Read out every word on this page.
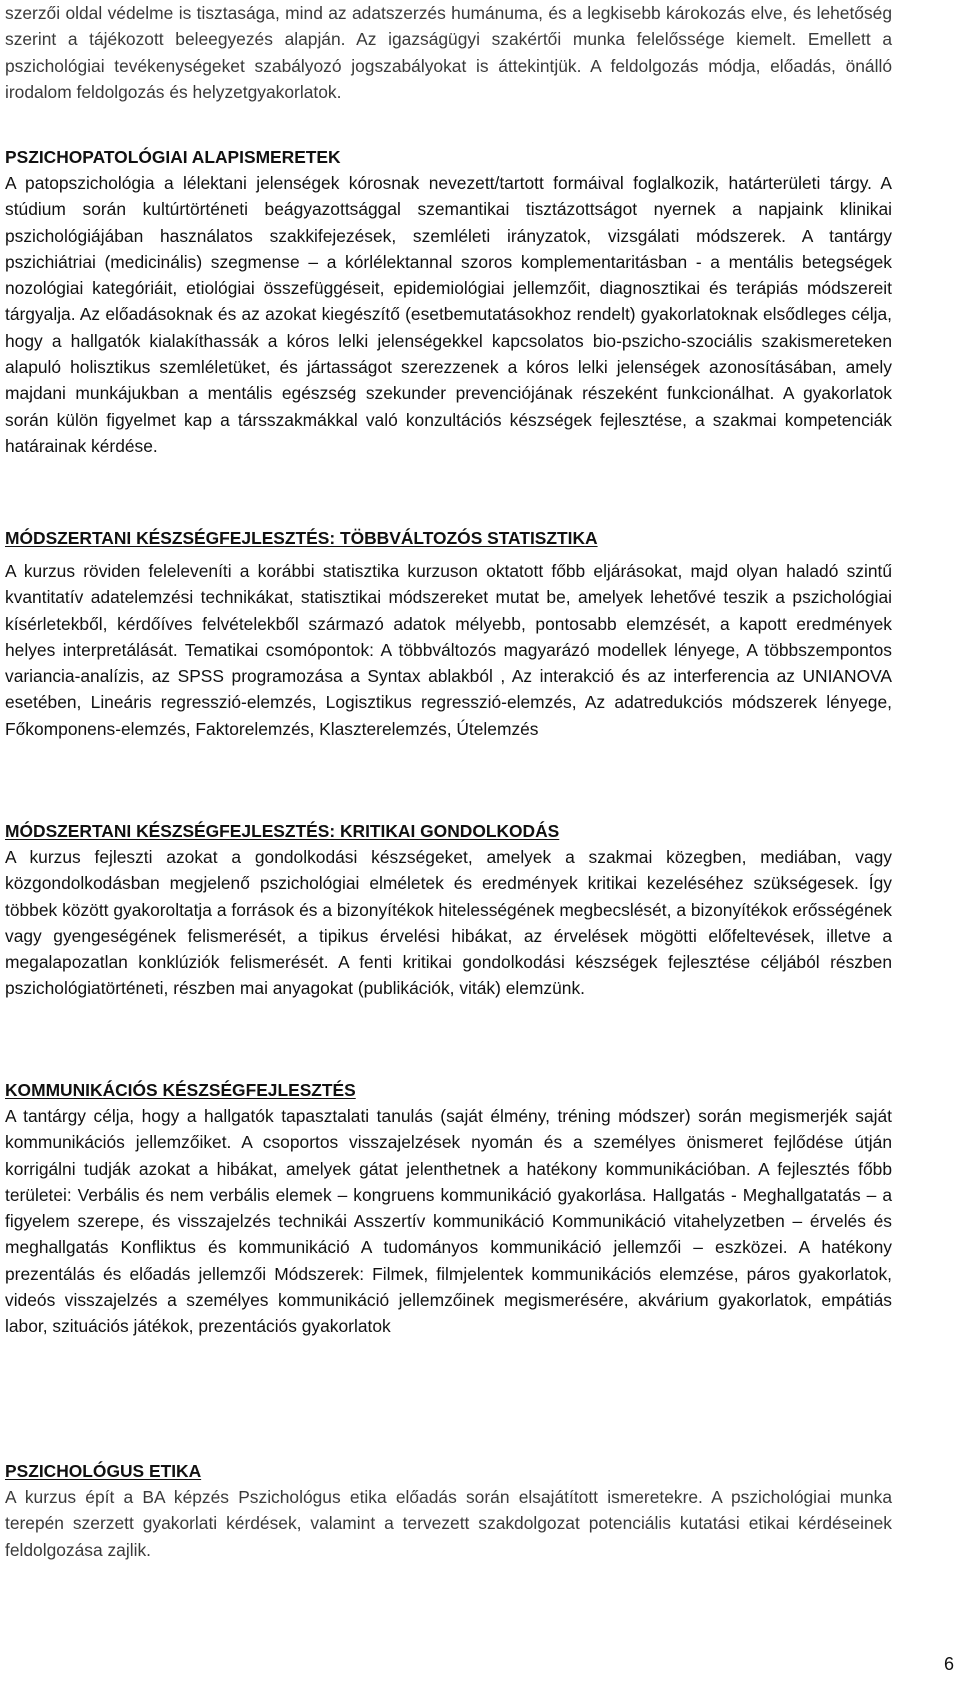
szerzői oldal védelme is tisztasága, mind az adatszerzés humánuma, és a legkisebb károkozás elve, és lehetőség szerint a tájékozott beleegyezés alapján. Az igazságügyi szakértői munka felelőssége kiemelt. Emellett a pszichológiai tevékenységeket szabályozó jogszabályokat is áttekintjük. A feldolgozás módja, előadás, önálló irodalom feldolgozás és helyzetgyakorlatok.

PSZICHOPATOLÓGIAI ALAPISMERETEK

A patopszichológia a lélektani jelenségek kórosnak nevezett/tartott formáival foglalkozik, határterületi tárgy. A stúdium során kultúrtörténeti beágyazottsággal szemantikai tisztázottságot nyernek a napjaink klinikai pszichológiájában használatos szakkifejezések, szemléleti irányzatok, vizsgálati módszerek. A tantárgy pszichiátriai (medicinális) szegmense – a kórlélektannal szoros komplementaritásban - a mentális betegségek nozológiai kategóriáit, etiológiai összefüggéseit, epidemiológiai jellemzőit, diagnosztikai és terápiás módszereit tárgyalja. Az előadásoknak és az azokat kiegészítő (esetbemutatásokhoz rendelt) gyakorlatoknak elsődleges célja, hogy a hallgatók kialakíthassák a kóros lelki jelenségekkel kapcsolatos bio-pszicho-szociális szakismereteken alapuló holisztikus szemléletüket, és jártasságot szerezzenek a kóros lelki jelenségek azonosításában, amely majdani munkájukban a mentális egészség szekunder prevenciójának részeként funkcionálhat. A gyakorlatok során külön figyelmet kap a társszakmákkal való konzultációs készségek fejlesztése, a szakmai kompetenciák határainak kérdése.

MÓDSZERTANI KÉSZSÉGFEJLESZTÉS: TÖBBVÁLTOZÓS STATISZTIKA

A kurzus röviden feleleveníti a korábbi statisztika kurzuson oktatott főbb eljárásokat, majd olyan haladó szintű kvantitatív adatelemzési technikákat, statisztikai módszereket mutat be, amelyek lehetővé teszik a pszichológiai kísérletekből, kérdőíves felvételekből származó adatok mélyebb, pontosabb elemzését, a kapott eredmények helyes interpretálását. Tematikai csomópontok: A többváltozós magyarázó modellek lényege, A többszempontos variancia-analízis, az SPSS programozása a Syntax ablakból , Az interakció és az interferencia az UNIANOVA esetében, Lineáris regresszió-elemzés, Logisztikus regresszió-elemzés, Az adatredukciós módszerek lényege, Főkomponens-elemzés, Faktorelemzés, Klaszterelemzés, Útelemzés

MÓDSZERTANI KÉSZSÉGFEJLESZTÉS: KRITIKAI GONDOLKODÁS

A kurzus fejleszti azokat a gondolkodási készségeket, amelyek a szakmai közegben, mediában, vagy közgondolkodásban megjelenő pszichológiai elméletek és eredmények kritikai kezeléséhez szükségesek. Így többek között gyakoroltatja a források és a bizonyítékok hitelességének megbecslését, a bizonyítékok erősségének vagy gyengeségének felismerését, a tipikus érvelési hibákat, az érvelések mögötti előfeltevések, illetve a megalapozatlan konklúziók felismerését. A fenti kritikai gondolkodási készségek fejlesztése céljából részben pszichológiatörténeti, részben mai anyagokat (publikációk, viták) elemzünk.

KOMMUNIKÁCIÓS KÉSZSÉGFEJLESZTÉS

A tantárgy célja, hogy a hallgatók tapasztalati tanulás (saját élmény, tréning módszer) során megismerjék saját kommunikációs jellemzőiket. A csoportos visszajelzések nyomán és a személyes önismeret fejlődése útján korrigálni tudják azokat a hibákat, amelyek gátat jelenthetnek a hatékony kommunikációban. A fejlesztés főbb területei: Verbális és nem verbális elemek – kongruens kommunikáció gyakorlása. Hallgatás - Meghallgatatás – a figyelem szerepe, és visszajelzés technikái Asszertív kommunikáció Kommunikáció vitahelyzetben – érvelés és meghallgatás Konfliktus és kommunikáció A tudományos kommunikáció jellemzői – eszközei. A hatékony prezentálás és előadás jellemzői Módszerek: Filmek, filmjelentek kommunikációs elemzése, páros gyakorlatok, videós visszajelzés a személyes kommunikáció jellemzőinek megismerésére, akvárium gyakorlatok, empátiás labor, szituációs játékok, prezentációs gyakorlatok

PSZICHOLÓGUS ETIKA

A kurzus épít a BA képzés Pszichológus etika előadás során elsajátított ismeretekre. A pszichológiai munka terepén szerzett gyakorlati kérdések, valamint a tervezett szakdolgozat potenciális kutatási etikai kérdéseinek feldolgozása zajlik.

6
